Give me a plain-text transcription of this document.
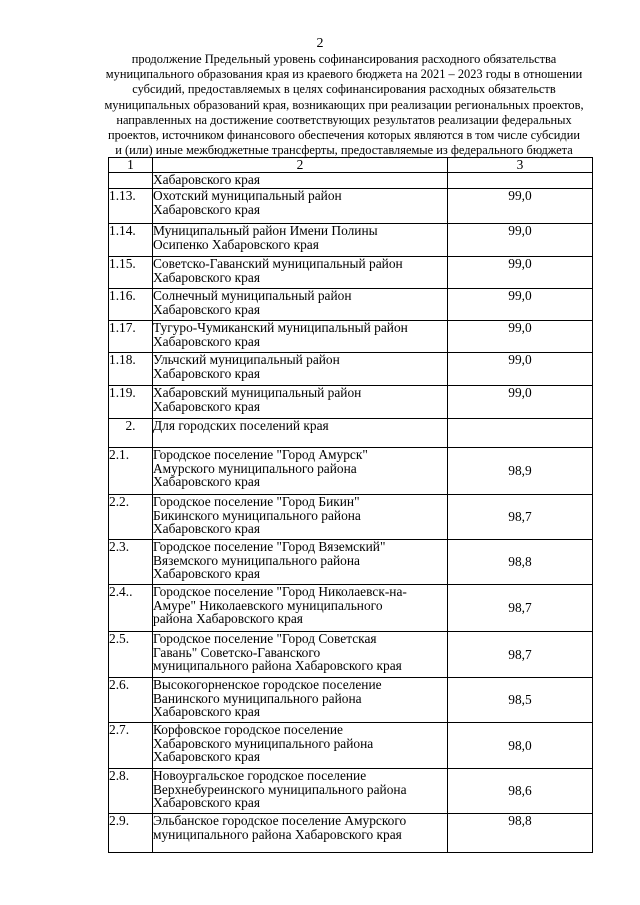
2
продолжение Предельный уровень софинансирования расходного обязательства
муниципального образования края из краевого бюджета на 2021 – 2023 годы в отношении
субсидий, предоставляемых в целях софинансирования расходных обязательств
муниципальных образований края, возникающих при реализации региональных проектов,
направленных на достижение соответствующих результатов реализации федеральных
проектов, источником финансового обеспечения которых являются в том числе субсидии
и (или) иные межбюджетные трансферты, предоставляемые из федерального бюджета
1	2	3

	Хабаровского края	

1.13.	Охотский муниципальный район
Хабаровского края	99,0
1.14.	Муниципальный район Имени Полины
Осипенко Хабаровского края	99,0
1.15.	Советско-Гаванский муниципальный район
Хабаровского края	99,0
1.16.	Солнечный муниципальный район
Хабаровского края	99,0
1.17.	Тугуро-Чумиканский муниципальный район
Хабаровского края	99,0
1.18.	Ульчский муниципальный район
Хабаровского края	99,0
1.19.	Хабаровский муниципальный район
Хабаровского края	99,0
2.	Для городских поселений края	

2.1.	Городское поселение "Город Амурск"
Амурского муниципального района
Хабаровского края	98,9
2.2.	Городское поселение "Город Бикин"
Бикинского муниципального района
Хабаровского края	98,7
2.3.	Городское поселение "Город Вяземский"
Вяземского муниципального района
Хабаровского края	98,8
2.4..	Городское поселение "Город Николаевск-на-
Амуре" Николаевского муниципального
района Хабаровского края	98,7
2.5.	Городское поселение "Город Советская
Гавань" Советско-Гаванского
муниципального района Хабаровского края	98,7
2.6.	Высокогорненское городское поселение
Ванинского муниципального района
Хабаровского края	98,5
2.7.	Корфовское городское поселение
Хабаровского муниципального района
Хабаровского края	98,0
2.8.	Новоургальское городское поселение
Верхнебуреинского муниципального района
Хабаровского края	98,6
2.9.	Эльбанское городское поселение Амурского
муниципального района Хабаровского края	98,8
